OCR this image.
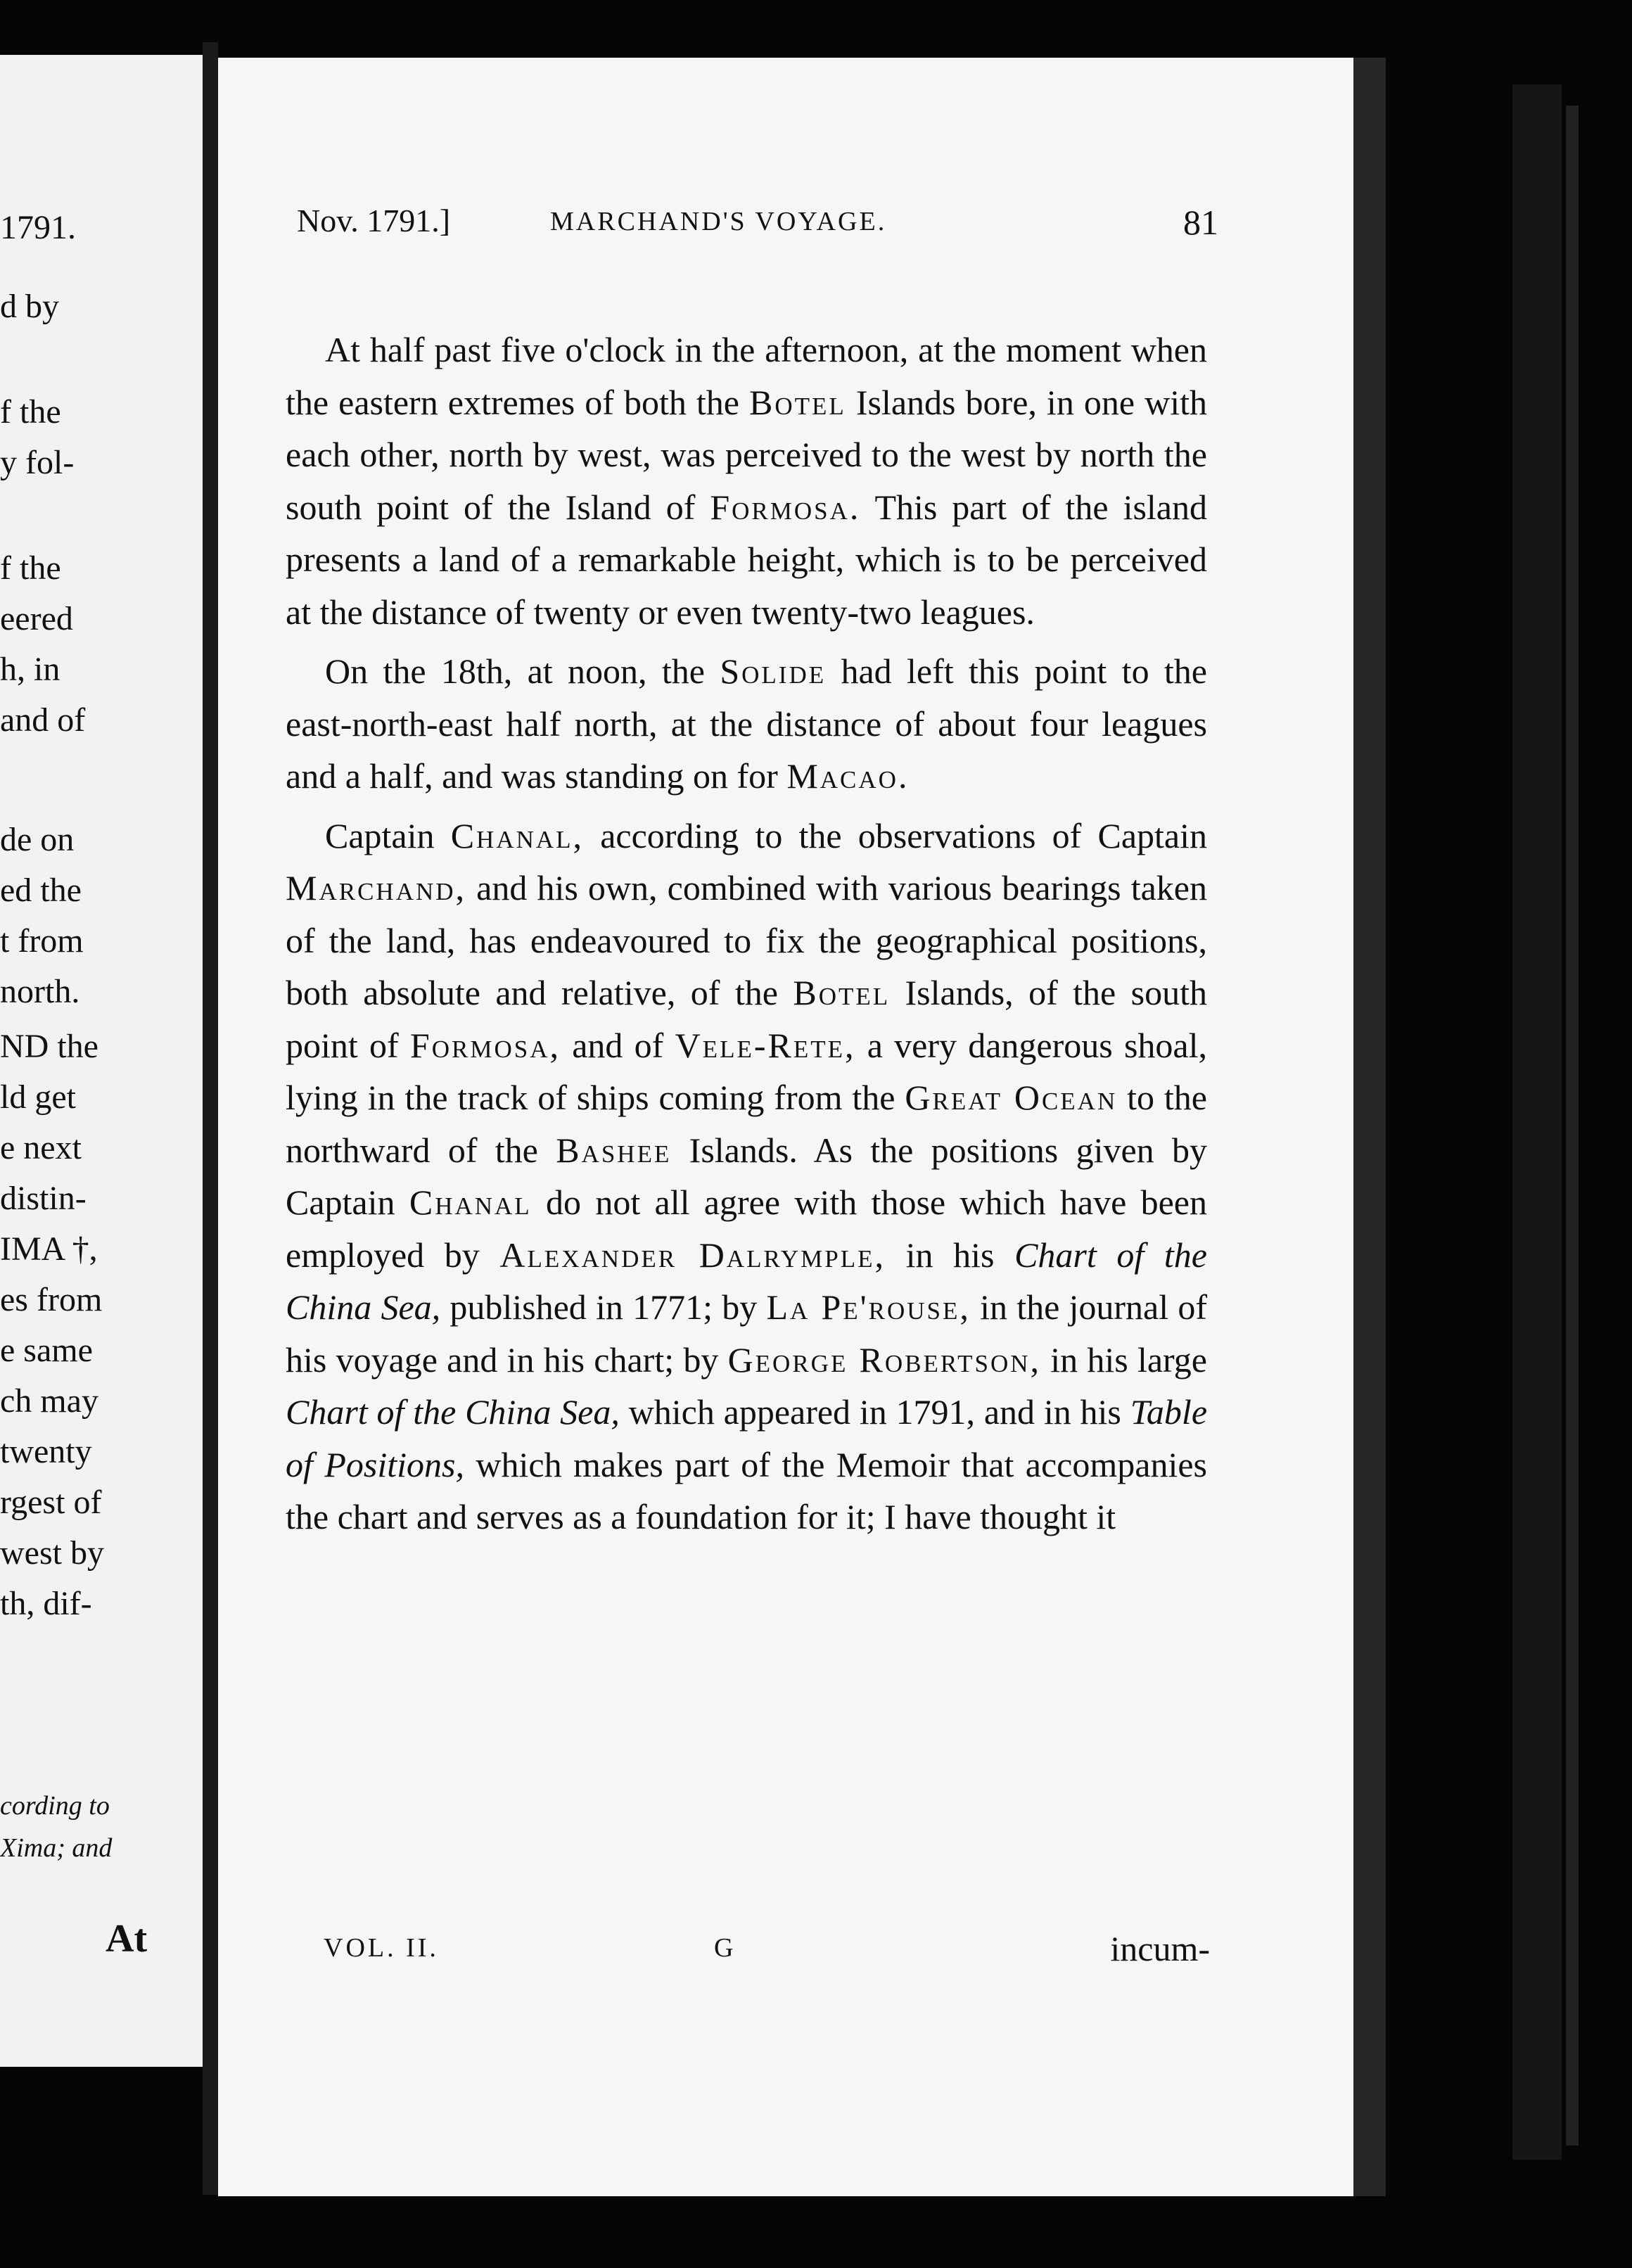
1791.
d by
f the
y fol-
f the
eered
h, in
and of
de on
ed the
t from
north.
ND the
ld get
e next
distin-
IMA †,
es from
e same
ch may
twenty
rgest of
west by
th, dif-
cording to
Xima; and
At
Nov. 1791.]	MARCHAND'S VOYAGE.	81

At half past five o'clock in the afternoon, at the moment when the eastern extremes of both the Botel Islands bore, in one with each other, north by west, was perceived to the west by north the south point of the Island of Formosa. This part of the island presents a land of a remarkable height, which is to be perceived at the distance of twenty or even twenty-two leagues.

On the 18th, at noon, the Solide had left this point to the east-north-east half north, at the distance of about four leagues and a half, and was standing on for Macao.

Captain Chanal, according to the observations of Captain Marchand, and his own, combined with various bearings taken of the land, has endeavoured to fix the geographical positions, both absolute and relative, of the Botel Islands, of the south point of Formosa, and of Vele-Rete, a very dangerous shoal, lying in the track of ships coming from the Great Ocean to the northward of the Bashee Islands. As the positions given by Captain Chanal do not all agree with those which have been employed by Alexander Dalrymple, in his Chart of the China Sea, published in 1771; by La Pe'rouse, in the journal of his voyage and in his chart; by George Robertson, in his large Chart of the China Sea, which appeared in 1791, and in his Table of Positions, which makes part of the Memoir that accompanies the chart and serves as a foundation for it; I have thought it

VOL. II.	G	incum-
